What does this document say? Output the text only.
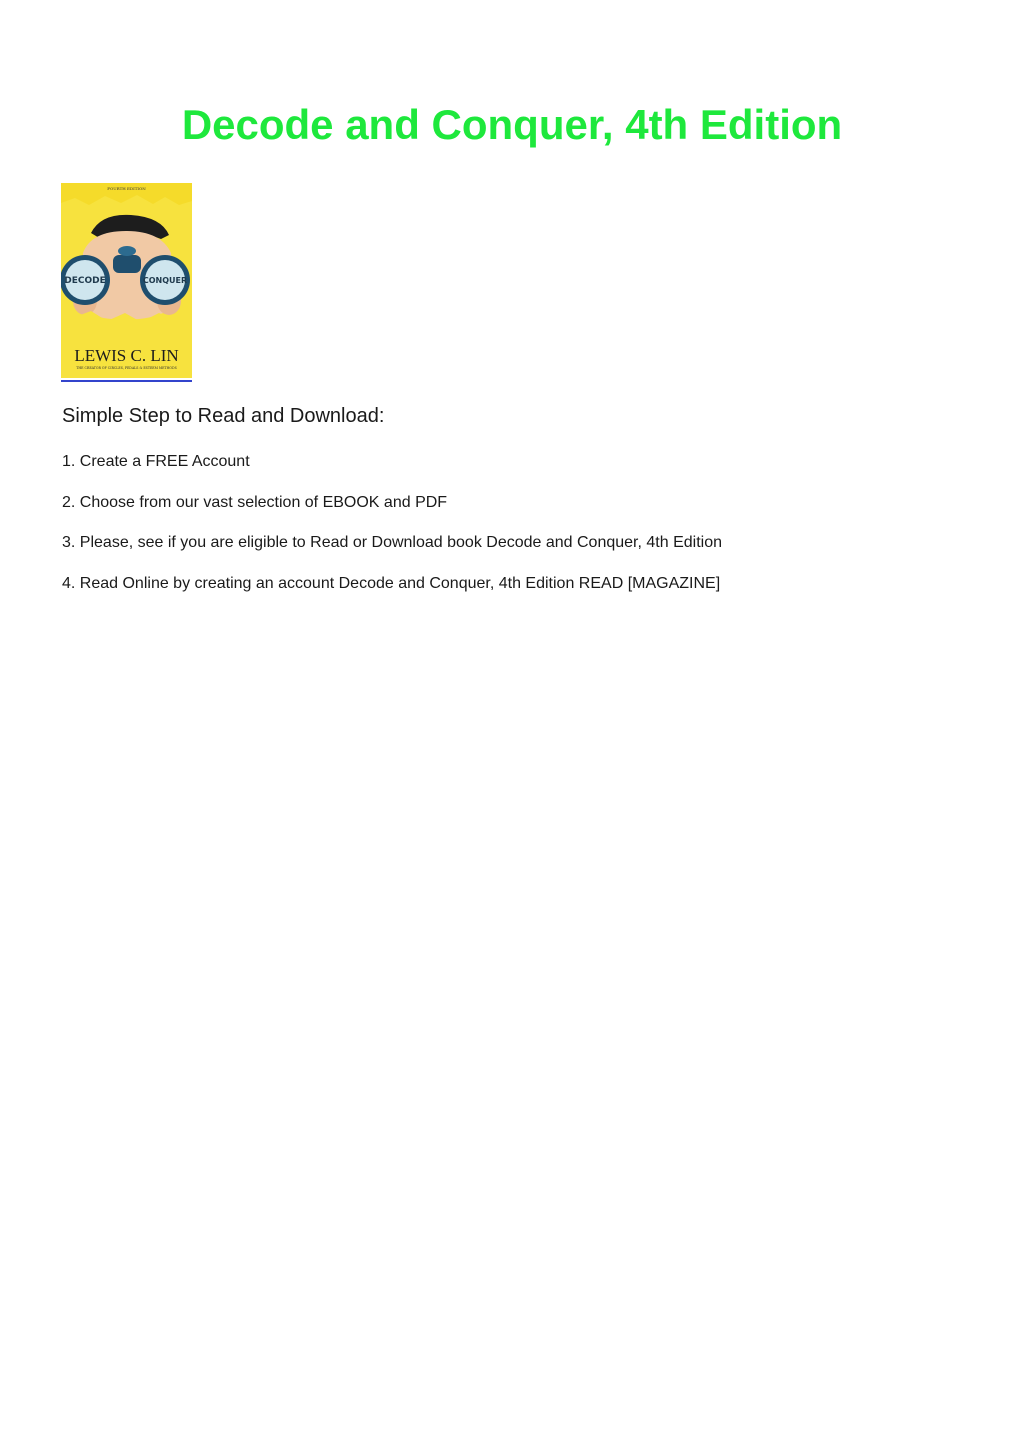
Decode and Conquer, 4th Edition
FOURTH EDITION
DECODE	CONQUER
LEWIS C. LIN
THE CREATOR OF CIRCLES, PEDALS & ESTEEM METHODS
Simple Step to Read and Download:
1. Create a FREE Account
2. Choose from our vast selection of EBOOK and PDF
3. Please, see if you are eligible to Read or Download book Decode and Conquer, 4th Edition
4. Read Online by creating an account Decode and Conquer, 4th Edition READ [MAGAZINE]
